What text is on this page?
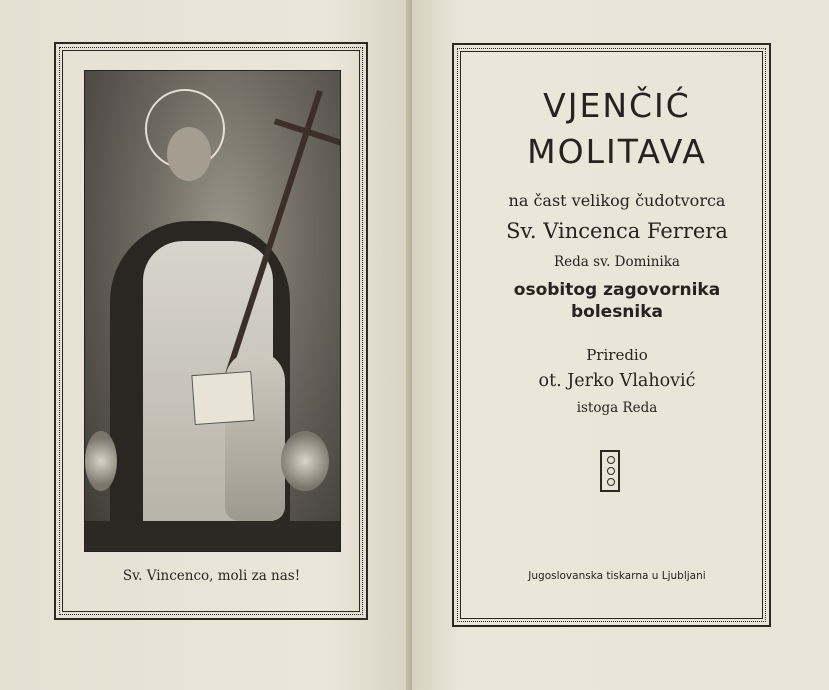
Sv. Vincenco, moli za nas!
VJENČIĆ
MOLITAVA
na čast velikog čudotvorca
Sv. Vincenca Ferrera
Reda sv. Dominika
osobitog zagovornika
bolesnika
Priredio
ot. Jerko Vlahović
istoga Reda
Jugoslovanska tiskarna u Ljubljani
